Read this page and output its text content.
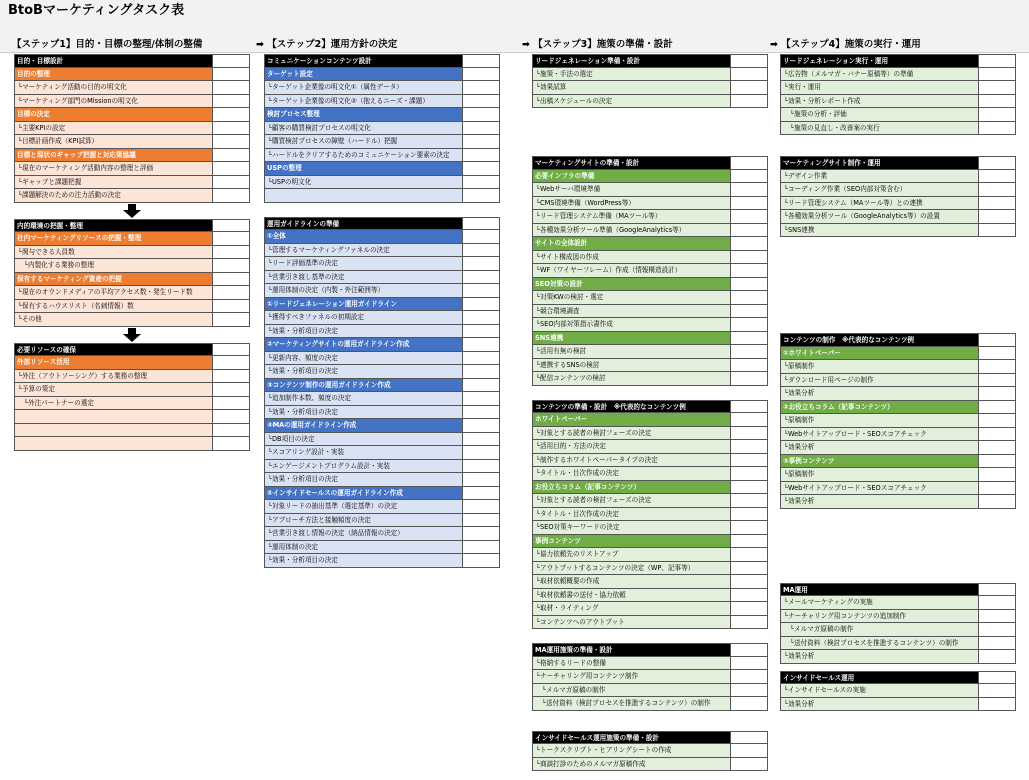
BtoBマーケティングタスク表
【ステップ1】目的・目標の整理/体制の整備	➡ 【ステップ2】運用方針の決定	➡ 【ステップ3】施策の準備・設計	➡ 【ステップ4】施策の実行・運用
目的・目標設計
目的の整理
└マーケティング活動の目的の明文化
└マーケティング部門のMissionの明文化
目標の決定
└主要KPIの設定
└目標計画作成（KPI試算）
目標と現状のギャップ把握と対応策協議
└現在のマーケティング活動内容の整理と評価
└ギャップと課題把握
└課題解決のための注力活動の決定
内的環境の把握・整理
社内マーケティングリソースの把握・整理
└関与できる人員数
└内製化する業務の整理
保有するマーケティング資産の把握
└現在のオウンドメディアの平均アクセス数・発生リード数
└保有するハウスリスト（名刺情報）数
└その他
必要リソースの確保
外部リソース活用
└外注（アウトソーシング）する業務の整理
└予算の策定
└外注パートナーの選定
コミュニケーションコンテンツ設計
ターゲット設定
└ターゲット企業像の明文化①（属性データ）
└ターゲット企業像の明文化②（抱えるニーズ・課題）
検討プロセス整理
└顧客の購買検討プロセスの明文化
└購買検討プロセスの障壁（ハードル）把握
└ハードルをクリアするためのコミュニケーション要素の決定
USPの整理
└USPの明文化
運用ガイドラインの準備
①全体
└管理するマーケティングファネルの決定
└リード評価基準の決定
└営業引き渡し基準の決定
└運用体制の決定（内製・外注範囲等）
①リードジェネレーション運用ガイドライン
└獲得すべきファネルの初期設定
└効果・分析項目の決定
②マーケティングサイトの運用ガイドライン作成
└更新内容、頻度の決定
└効果・分析項目の決定
③コンテンツ制作の運用ガイドライン作成
└追加制作本数、頻度の決定
└効果・分析項目の決定
④MAの運用ガイドライン作成
└DB項目の決定
└スコアリング設計・実装
└エンゲージメントプログラム設計・実装
└効果・分析項目の決定
⑤インサイドセールスの運用ガイドライン作成
└対象リードの抽出基準（選定基準）の決定
└アプローチ方法と接触頻度の決定
└営業引き渡し情報の決定（納品情報の決定）
└運用体制の決定
└効果・分析項目の決定
リードジェネレーション準備・設計
└施策・手法の選定
└効果試算
└出稿スケジュールの決定
マーケティングサイトの準備・設計
必要インフラの準備
└Webサーバ環境準備
└CMS環境準備（WordPress等）
└リード管理システム準備（MAツール等）
└各種効果分析ツール準備（GoogleAnalytics等）
サイトの全体設計
└サイト構成図の作成
└WF（ワイヤーフレーム）作成（情報構造設計）
SEO対策の設計
└対策KWの検討・選定
└競合環境調査
└SEO内部対策指示書作成
SNS連携
└活用有無の検討
└連携するSNSの検討
└配信コンテンツの検討
コンテンツの準備・設計　※代表的なコンテンツ例
ホワイトペーパー
└対象とする読者の検討フェーズの決定
└活用目的・方法の決定
└制作するホワイトペーパータイプの決定
└タイトル・目次作成の決定
お役立ちコラム（記事コンテンツ）
└対象とする読者の検討フェーズの決定
└タイトル・目次作成の決定
└SEO対策キーワードの決定
事例コンテンツ
└協力依頼先のリストアップ
└アウトプットするコンテンツの決定（WP、記事等）
└取材依頼概要の作成
└取材依頼書の送付・協力依頼
└取材・ライティング
└コンテンツへのアウトプット
MA運用施策の準備・設計
└格納するリードの整備
└ナーチャリング用コンテンツ制作
└メルマガ原稿の制作
└送付資料（検討プロセスを推進するコンテンツ）の制作
インサイドセールス運用施策の準備・設計
└トークスクリプト・ヒアリングシートの作成
└商談打診のためのメルマガ原稿作成
リードジェネレーション実行・運用
└広告物（メルマガ・バナー原稿等）の準備
└実行・運用
└効果・分析レポート作成
└施策の分析・評価
└施策の見直し・改善案の実行
マーケティングサイト制作・運用
└デザイン作業
└コーディング作業（SEO内部対策含む）
└リード管理システム（MAツール等）との連携
└各種効果分析ツール（GoogleAnalytics等）の設置
└SNS連携
コンテンツの制作　※代表的なコンテンツ例
①ホワイトペーパー
└原稿制作
└ダウンロード用ページの制作
└効果分析
②お役立ちコラム（記事コンテンツ）
└原稿制作
└Webサイトアップロード・SEOスコアチェック
└効果分析
③事例コンテンツ
└原稿制作
└Webサイトアップロード・SEOスコアチェック
└効果分析
MA運用
└メールマーケティングの実施
└ナーチャリング用コンテンツの追加制作
└メルマガ原稿の制作
└送付資料（検討プロセスを推進するコンテンツ）の制作
└効果分析
インサイドセールス運用
└インサイドセールスの実施
└効果分析
